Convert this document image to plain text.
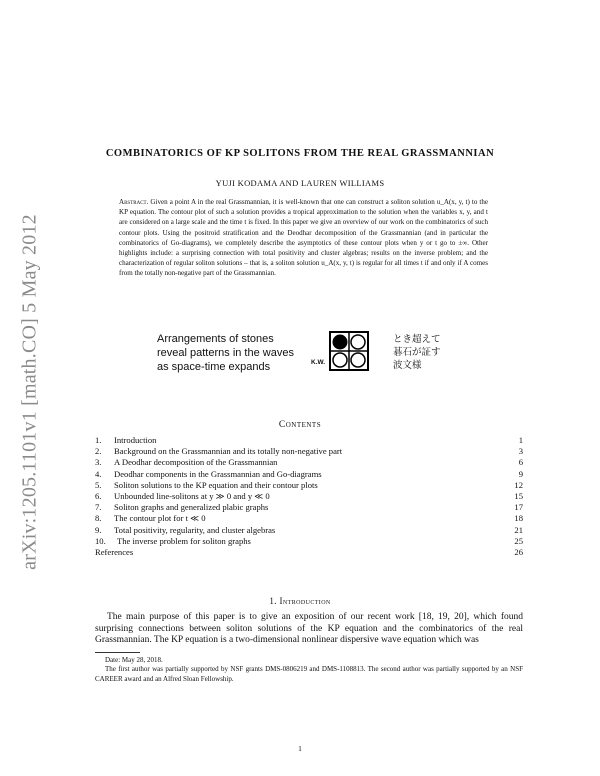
arXiv:1205.1101v1 [math.CO] 5 May 2012
COMBINATORICS OF KP SOLITONS FROM THE REAL GRASSMANNIAN
YUJI KODAMA AND LAUREN WILLIAMS
Abstract. Given a point A in the real Grassmannian, it is well-known that one can construct a soliton solution u_A(x, y, t) to the KP equation. The contour plot of such a solution provides a tropical approximation to the solution when the variables x, y, and t are considered on a large scale and the time t is fixed. In this paper we give an overview of our work on the combinatorics of such contour plots. Using the positroid stratification and the Deodhar decomposition of the Grassmannian (and in particular the combinatorics of Go-diagrams), we completely describe the asymptotics of these contour plots when y or t go to ±∞. Other highlights include: a surprising connection with total positivity and cluster algebras; results on the inverse problem; and the characterization of regular soliton solutions – that is, a soliton solution u_A(x, y, t) is regular for all times t if and only if A comes from the totally non-negative part of the Grassmannian.
Arrangements of stones
reveal patterns in the waves
as space-time expands	K.W.
とき超えて
碁石が証す
波文様
Contents
1. Introduction	1
2. Background on the Grassmannian and its totally non-negative part	3
3. A Deodhar decomposition of the Grassmannian	6
4. Deodhar components in the Grassmannian and Go-diagrams	9
5. Soliton solutions to the KP equation and their contour plots	12
6. Unbounded line-solitons at y ≫ 0 and y ≪ 0	15
7. Soliton graphs and generalized plabic graphs	17
8. The contour plot for t ≪ 0	18
9. Total positivity, regularity, and cluster algebras	21
10. The inverse problem for soliton graphs	25
References	26
1. Introduction
The main purpose of this paper is to give an exposition of our recent work [18, 19, 20], which found surprising connections between soliton solutions of the KP equation and the combinatorics of the real Grassmannian. The KP equation is a two-dimensional nonlinear dispersive wave equation which was
Date: May 28, 2018.
The first author was partially supported by NSF grants DMS-0806219 and DMS-1108813. The second author was partially supported by an NSF CAREER award and an Alfred Sloan Fellowship.
1
